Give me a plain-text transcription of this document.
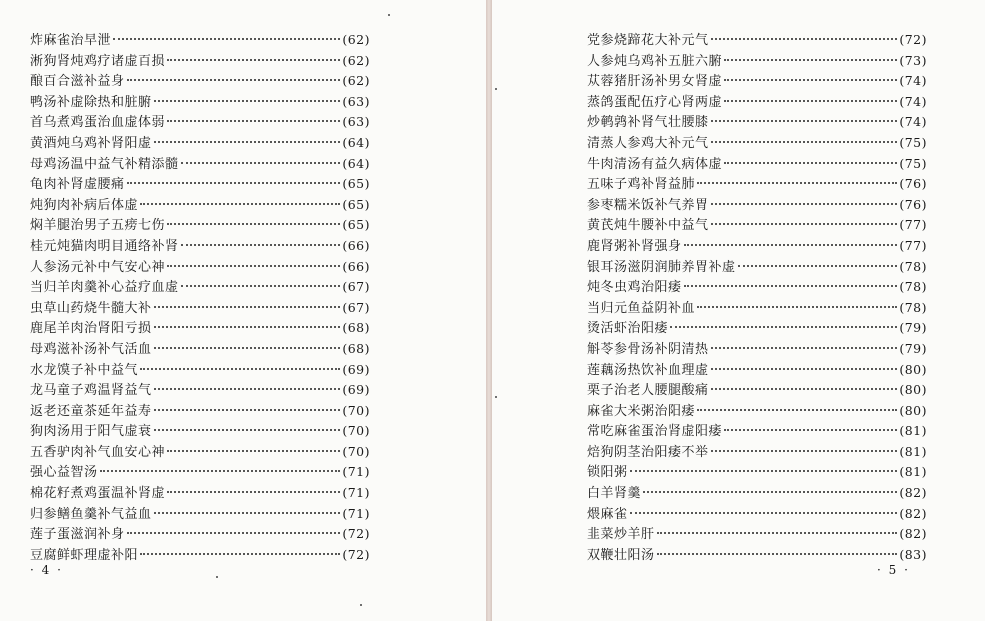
炸麻雀治早泄	(62)
淅狗肾炖鸡疗诸虚百损	(62)
酿百合滋补益身	(62)
鸭汤补虚除热和脏腑	(63)
首乌煮鸡蛋治血虚体弱	(63)
黄酒炖乌鸡补肾阳虚	(64)
母鸡汤温中益气补精添髓	(64)
龟肉补肾虚腰痛	(65)
炖狗肉补病后体虚	(65)
焖羊腿治男子五痨七伤	(65)
桂元炖猫肉明目通络补肾	(66)
人参汤元补中气安心神	(66)
当归羊肉羹补心益疗血虚	(67)
虫草山药烧牛髓大补	(67)
鹿尾羊肉治肾阳亏损	(68)
母鸡滋补汤补气活血	(68)
水龙馍子补中益气	(69)
龙马童子鸡温肾益气	(69)
返老还童茶延年益寿	(70)
狗肉汤用于阳气虚衰	(70)
五香驴肉补气血安心神	(70)
强心益智汤	(71)
棉花籽煮鸡蛋温补肾虚	(71)
归参鳝鱼羹补气益血	(71)
莲子蛋滋润补身	(72)
豆腐鲜虾理虚补阳	(72)
· 4 ·
党参烧蹄花大补元气	(72)
人参炖乌鸡补五脏六腑	(73)
苁蓉猪肝汤补男女肾虚	(74)
蒸鸽蛋配伍疗心肾两虚	(74)
炒鹌鹑补肾气壮腰膝	(74)
清蒸人参鸡大补元气	(75)
牛肉清汤有益久病体虚	(75)
五味子鸡补肾益肺	(76)
参枣糯米饭补气养胃	(76)
黄芪炖牛腰补中益气	(77)
鹿肾粥补肾强身	(77)
银耳汤滋阴润肺养胃补虚	(78)
炖冬虫鸡治阳痿	(78)
当归元鱼益阴补血	(78)
烫活虾治阳痿	(79)
斛苓参骨汤补阴清热	(79)
莲藕汤热饮补血理虚	(80)
栗子治老人腰腿酸痛	(80)
麻雀大米粥治阳痿	(80)
常吃麻雀蛋治肾虚阳痿	(81)
焙狗阴茎治阳痿不举	(81)
锁阳粥	(81)
白羊肾羹	(82)
煨麻雀	(82)
韭菜炒羊肝	(82)
双鞭壮阳汤	(83)
· 5 ·
